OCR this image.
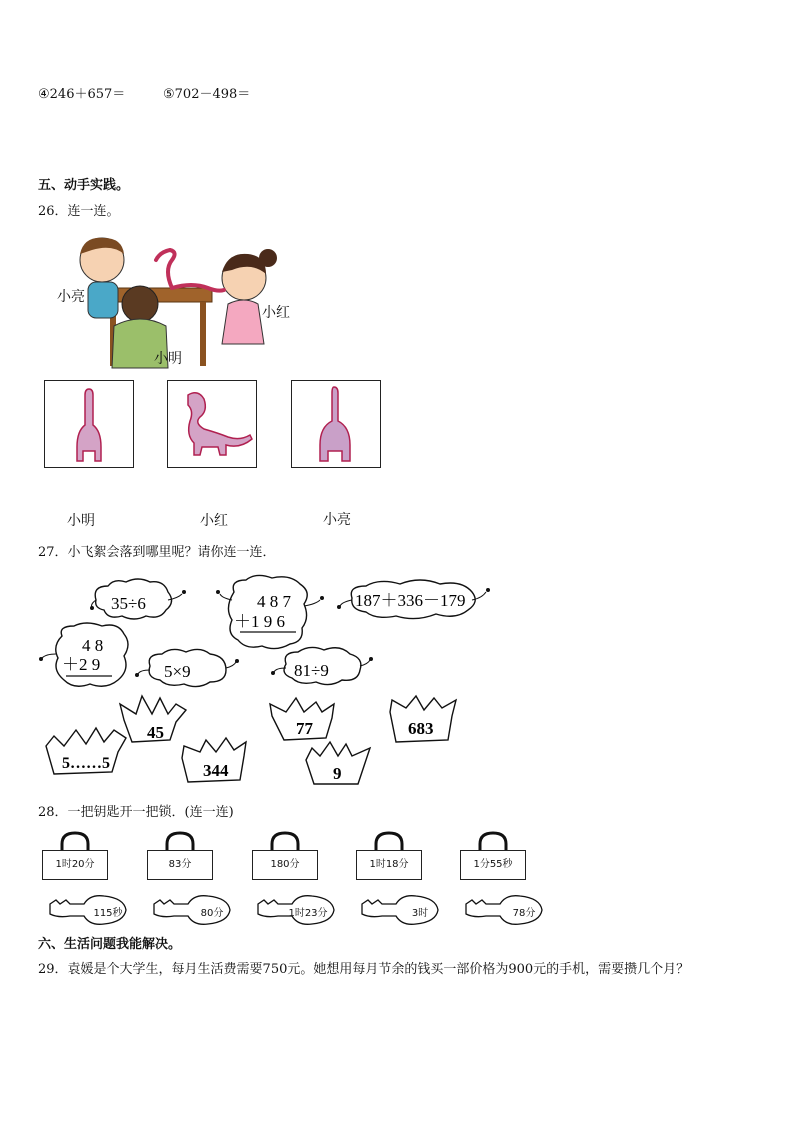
④246＋657＝	⑤702－498＝
五、动手实践。
26．连一连。
小亮
小明
小红
小明	小红	小亮
27．小飞絮会落到哪里呢？请你连一连．
35÷6	4 8 7
＋1 9 6
187＋336－179
4 8
＋2 9	5×9	81÷9
45	77	683
5……5	344	9
28．一把钥匙开一把锁．(连一连)
1时20分	83分	180分	1时18分	1分55秒
115秒	80分	1时23分	3时	78分
六、生活问题我能解决。
29．袁媛是个大学生，每月生活费需要750元。她想用每月节余的钱买一部价格为900元的手机，需要攒几个月？
